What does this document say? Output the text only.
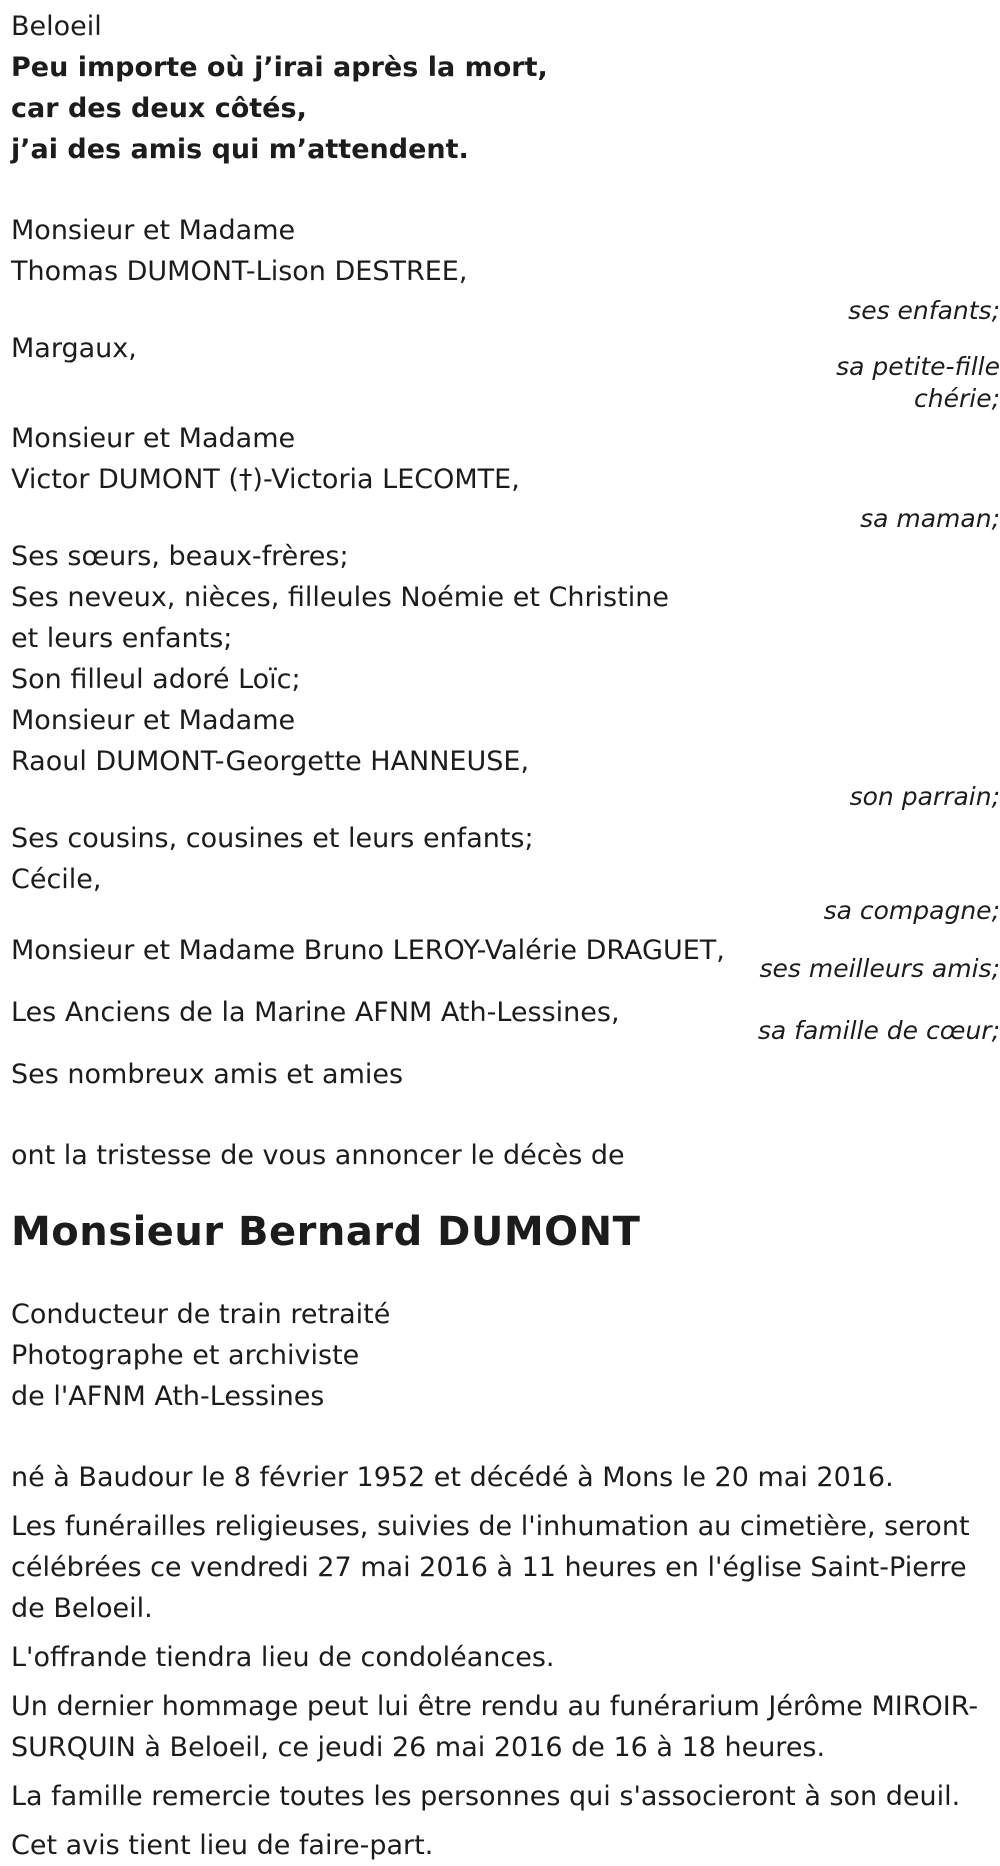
Beloeil
Peu importe où j’irai après la mort,
car des deux côtés,
j’ai des amis qui m’attendent.
Monsieur et Madame
Thomas DUMONT-Lison DESTREE,
ses enfants;
Margaux,
sa petite-fille
chérie;
Monsieur et Madame
Victor DUMONT (†)-Victoria LECOMTE,
sa maman;
Ses sœurs, beaux-frères;
Ses neveux, nièces, filleules Noémie et Christine
et leurs enfants;
Son filleul adoré Loïc;
Monsieur et Madame
Raoul DUMONT-Georgette HANNEUSE,
son parrain;
Ses cousins, cousines et leurs enfants;
Cécile,
sa compagne;
Monsieur et Madame Bruno LEROY-Valérie DRAGUET,
ses meilleurs amis;
Les Anciens de la Marine AFNM Ath-Lessines,
sa famille de cœur;
Ses nombreux amis et amies
ont la tristesse de vous annoncer le décès de
Monsieur Bernard DUMONT
Conducteur de train retraité
Photographe et archiviste
de l'AFNM Ath-Lessines
né à Baudour le 8 février 1952 et décédé à Mons le 20 mai 2016.
Les funérailles religieuses, suivies de l'inhumation au cimetière, seront célébrées ce vendredi 27 mai 2016 à 11 heures en l'église Saint-Pierre de Beloeil.
L'offrande tiendra lieu de condoléances.
Un dernier hommage peut lui être rendu au funérarium Jérôme MIROIR-SURQUIN à Beloeil, ce jeudi 26 mai 2016 de 16 à 18 heures.
La famille remercie toutes les personnes qui s'associeront à son deuil.
Cet avis tient lieu de faire-part.
